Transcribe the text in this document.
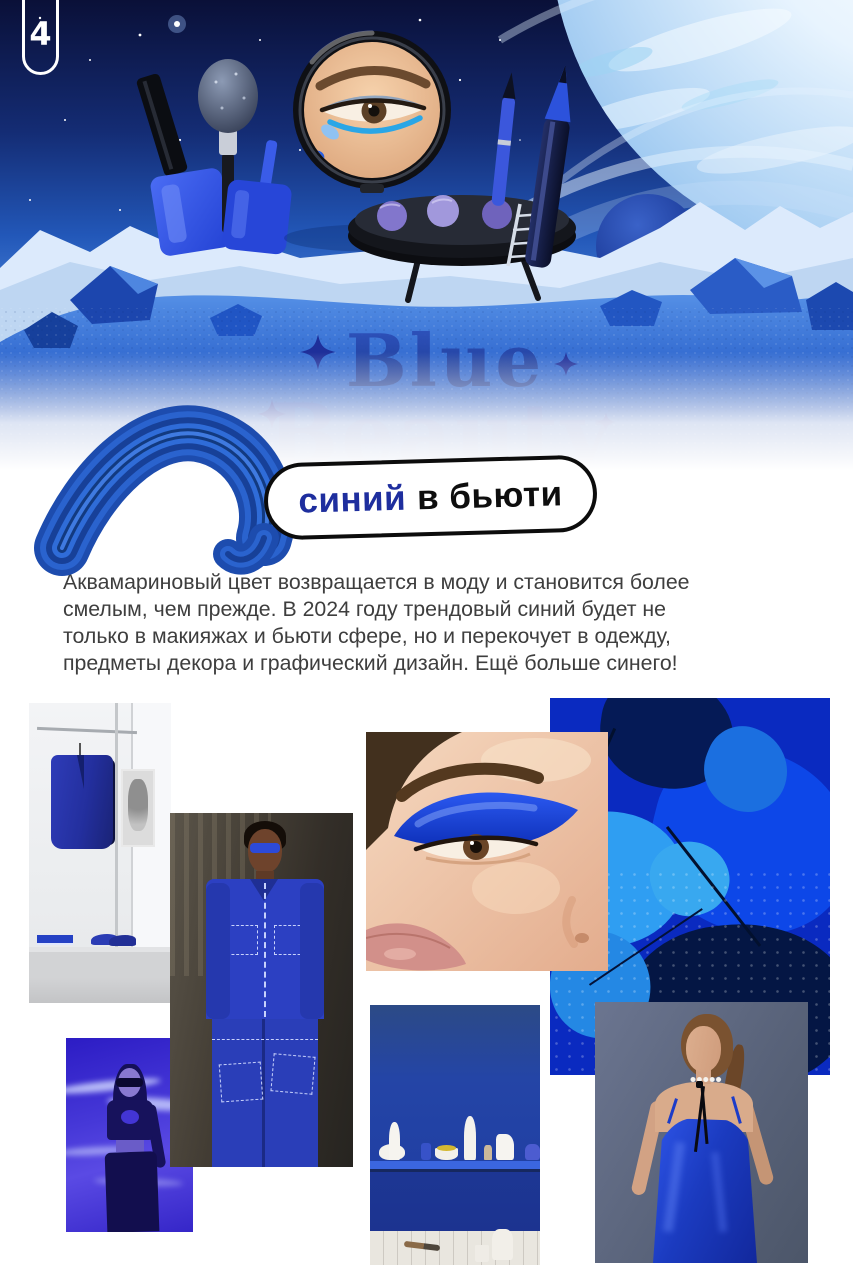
4
синий в бьюти
Аквамариновый цвет возвращается в моду и становится более
смелым, чем прежде. В 2024 году трендовый синий будет не
только в макияжах и бьюти сфере, но и перекочует в одежду,
предметы декора и графический дизайн. Ещё больше синего!
